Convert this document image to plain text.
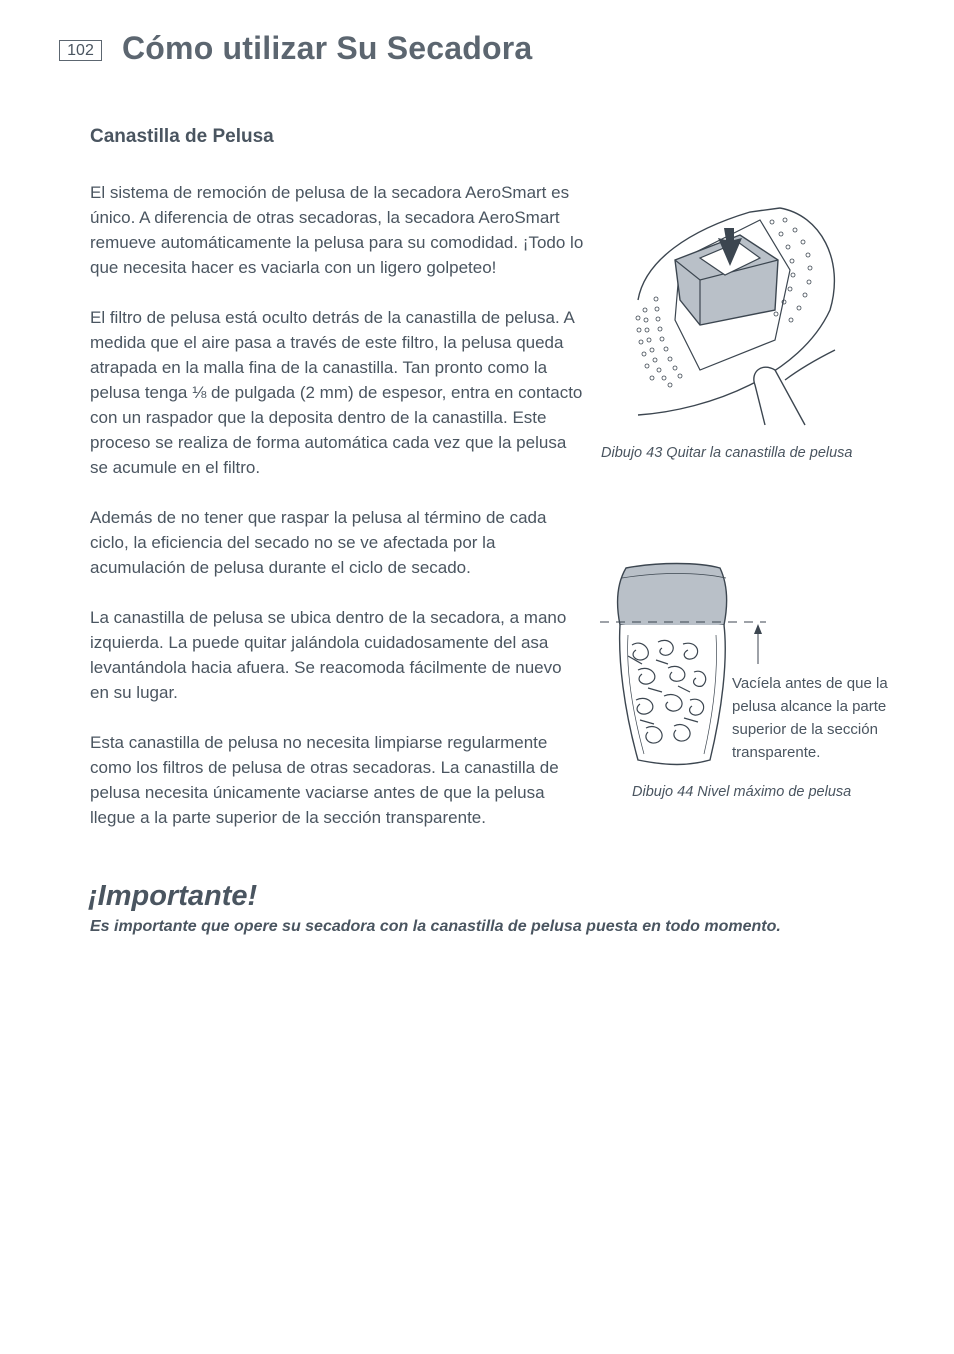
102 Cómo utilizar Su Secadora
Canastilla de Pelusa

El sistema de remoción de pelusa de la secadora AeroSmart es único. A diferencia de otras secadoras, la secadora AeroSmart remueve automáticamente la pelusa para su comodidad. ¡Todo lo que necesita hacer es vaciarla con un ligero golpeteo!

El filtro de pelusa está oculto detrás de la canastilla de pelusa. A medida que el aire pasa a través de este filtro, la pelusa queda atrapada en la malla fina de la canastilla. Tan pronto como la pelusa tenga ⅛ de pulgada (2 mm) de espesor, entra en contacto con un raspador que la deposita dentro de la canastilla. Este proceso se realiza de forma automática cada vez que la pelusa se acumule en el filtro.

Además de no tener que raspar la pelusa al término de cada ciclo, la eficiencia del secado no se ve afectada por la acumulación de pelusa durante el ciclo de secado.

La canastilla de pelusa se ubica dentro de la secadora, a mano izquierda. La puede quitar jalándola cuidadosamente del asa levantándola hacia afuera. Se reacomoda fácilmente de nuevo en su lugar.

Esta canastilla de pelusa no necesita limpiarse regularmente como los filtros de pelusa de otras secadoras. La canastilla de pelusa necesita únicamente vaciarse antes de que la pelusa llegue a la parte superior de la sección transparente.

Dibujo 43 Quitar la canastilla de pelusa

Vacíela antes de que la pelusa alcance la parte superior de la sección transparente.

Dibujo 44 Nivel máximo de pelusa

¡Importante!

Es importante que opere su secadora con la canastilla de pelusa puesta en todo momento.
